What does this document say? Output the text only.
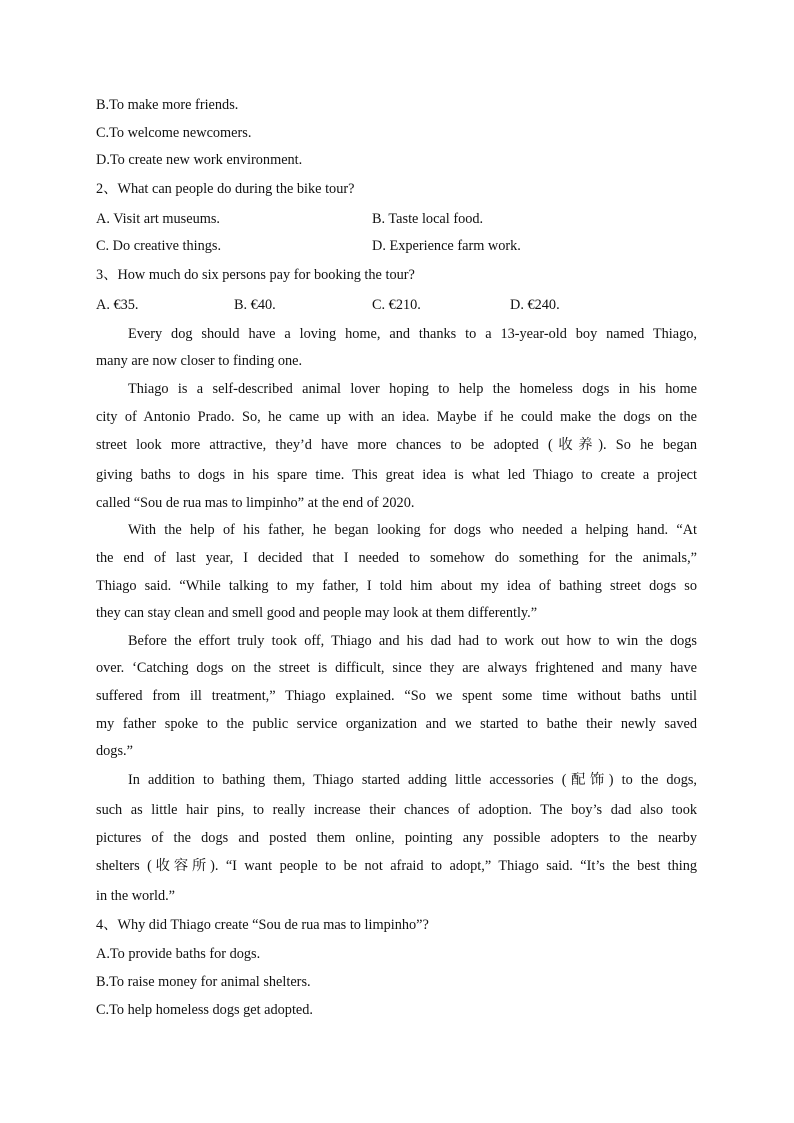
B.To make more friends.
C.To welcome newcomers.
D.To create new work environment.
2、What can people do during the bike tour?
A. Visit art museums.	B. Taste local food.
C. Do creative things.	D. Experience farm work.
3、How much do six persons pay for booking the tour?
A. €35.	B. €40.	C. €210.	D. €240.
Every dog should have a loving home, and thanks to a 13-year-old boy named Thiago,
many are now closer to finding one.
Thiago is a self-described animal lover hoping to help the homeless dogs in his home
city of Antonio Prado. So, he came up with an idea. Maybe if he could make the dogs on the
street look more attractive, they’d have more chances to be adopted (收养). So he began
giving baths to dogs in his spare time. This great idea is what led Thiago to create a project
called “Sou de rua mas to limpinho” at the end of 2020.
With the help of his father, he began looking for dogs who needed a helping hand. “At
the end of last year, I decided that I needed to somehow do something for the animals,”
Thiago said. “While talking to my father, I told him about my idea of bathing street dogs so
they can stay clean and smell good and people may look at them differently.”
Before the effort truly took off, Thiago and his dad had to work out how to win the dogs
over. ‘Catching dogs on the street is difficult, since they are always frightened and many have
suffered from ill treatment,” Thiago explained. “So we spent some time without baths until
my father spoke to the public service organization and we started to bathe their newly saved
dogs.”
In addition to bathing them, Thiago started adding little accessories (配饰) to the dogs,
such as little hair pins, to really increase their chances of adoption. The boy’s dad also took
pictures of the dogs and posted them online, pointing any possible adopters to the nearby
shelters (收容所). “I want people to be not afraid to adopt,” Thiago said. “It’s the best thing
in the world.”
4、Why did Thiago create “Sou de rua mas to limpinho”?
A.To provide baths for dogs.
B.To raise money for animal shelters.
C.To help homeless dogs get adopted.
